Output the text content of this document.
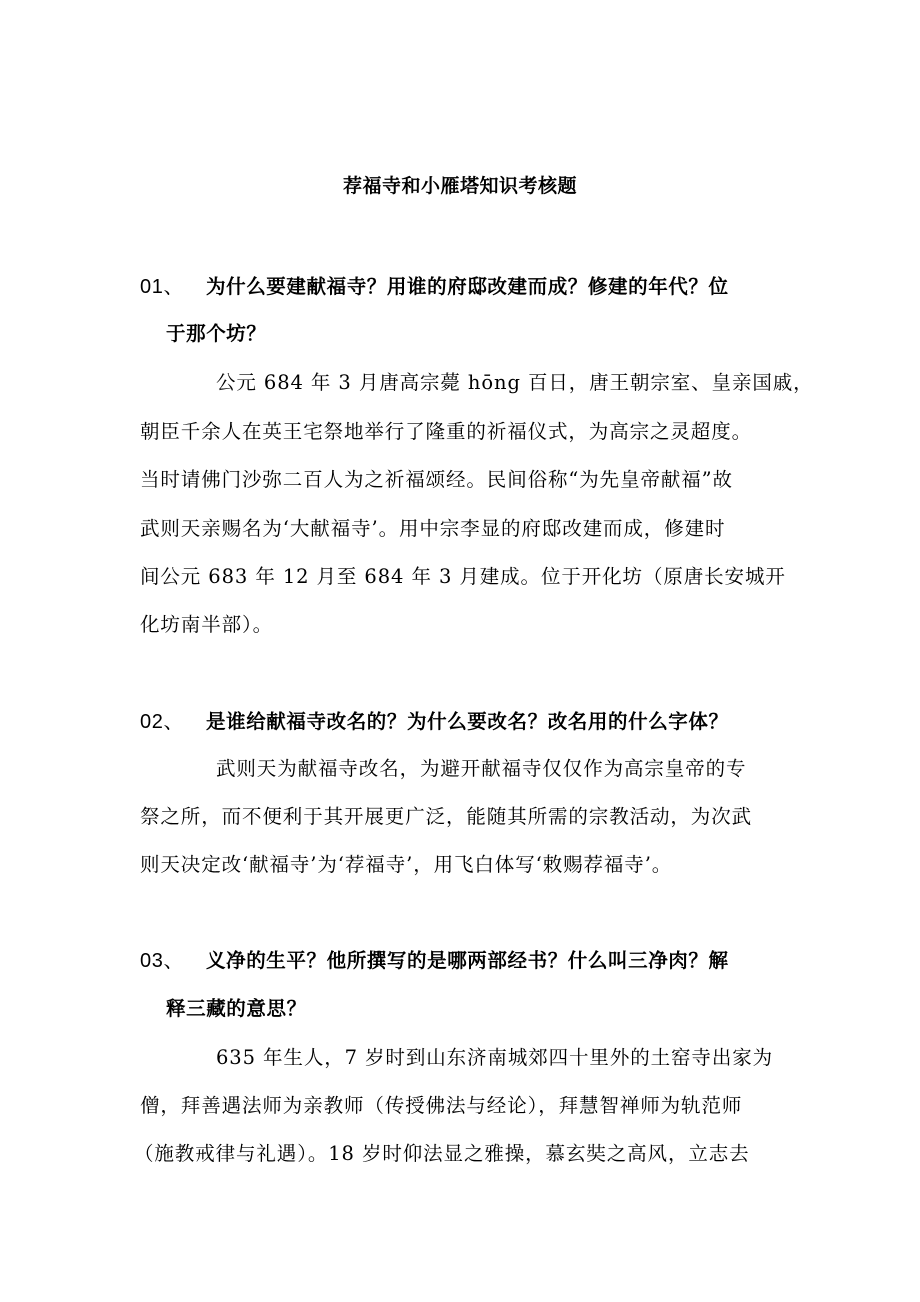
荐福寺和小雁塔知识考核题
01、 为什么要建献福寺？用谁的府邸改建而成？修建的年代？位
于那个坊？
公元 684 年 3 月唐高宗薨 hōng 百日，唐王朝宗室、皇亲国戚，
朝臣千余人在英王宅祭地举行了隆重的祈福仪式，为高宗之灵超度。
当时请佛门沙弥二百人为之祈福颂经。民间俗称“为先皇帝献福”故
武则天亲赐名为‘大献福寺’。用中宗李显的府邸改建而成，修建时
间公元 683 年 12 月至 684 年 3 月建成。位于开化坊（原唐长安城开
化坊南半部）。
02、 是谁给献福寺改名的？为什么要改名？改名用的什么字体？
武则天为献福寺改名，为避开献福寺仅仅作为高宗皇帝的专
祭之所，而不便利于其开展更广泛，能随其所需的宗教活动，为次武
则天决定改‘献福寺’为‘荐福寺’，用飞白体写‘敕赐荐福寺’。
03、 义净的生平？他所撰写的是哪两部经书？什么叫三净肉？解
释三藏的意思？
635 年生人，7 岁时到山东济南城郊四十里外的土窑寺出家为
僧，拜善遇法师为亲教师（传授佛法与经论），拜慧智禅师为轨范师
（施教戒律与礼遇）。18 岁时仰法显之雅操，慕玄奘之高风，立志去
